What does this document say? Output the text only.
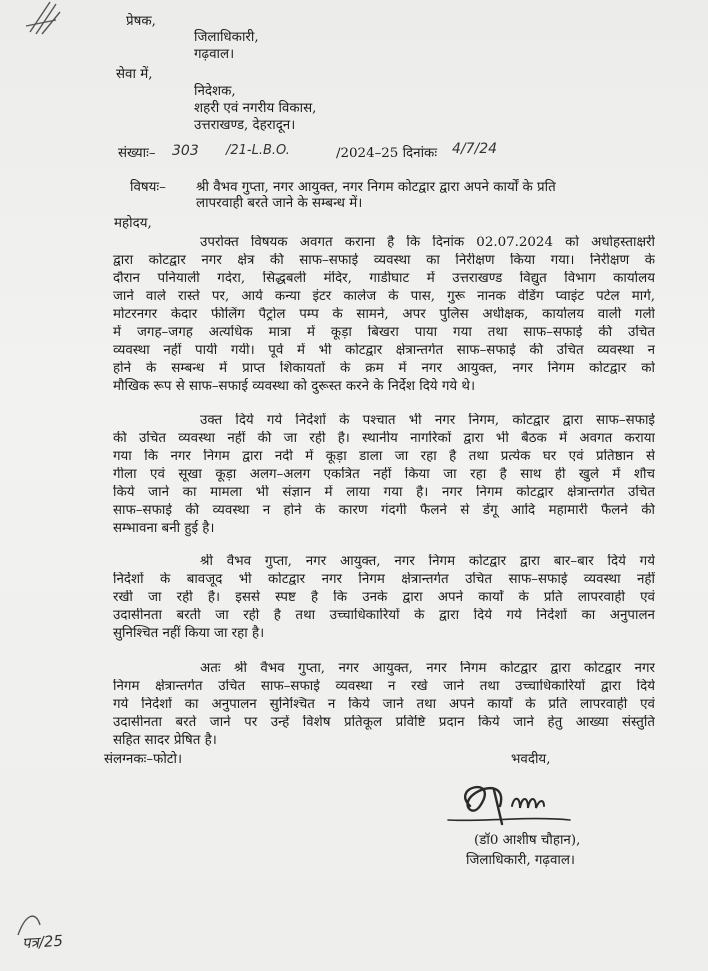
प्रेषक,
जिलाधिकारी,
गढ़वाल।
सेवा में,
निदेशक,
शहरी एवं नगरीय विकास,
उत्तराखण्ड, देहरादून।
संख्याः– 303 /21-L.B.O.	/2024–25 दिनांकः 4/7/24
विषयः– श्री वैभव गुप्ता, नगर आयुक्त, नगर निगम कोटद्वार द्वारा अपने कार्यों के प्रति
लापरवाही बरते जाने के सम्बन्ध में।
महोदय,
उपरोक्त विषयक अवगत कराना है कि दिनांक 02.07.2024 को अधोहस्ताक्षरी
द्वारा कोटद्वार नगर क्षेत्र की साफ–सफाई व्यवस्था का निरीक्षण किया गया। निरीक्षण के
दौरान पनियाली गदेरा, सिद्धबली मंदिर, गाडीघाट में उत्तराखण्ड विद्युत विभाग कार्यालय
जाने वाले रास्ते पर, आर्य कन्या इंटर कालेज के पास, गुरू नानक वेडिंग प्वाइंट पटेल मार्ग,
मोटरनगर केदार फीलिंग पैट्रोल पम्प के सामने, अपर पुलिस अधीक्षक, कार्यालय वाली गली
में जगह–जगह अत्यधिक मात्रा में कूड़ा बिखरा पाया गया तथा साफ–सफाई की उचित
व्यवस्था नहीं पायी गयी। पूर्व में भी कोटद्वार क्षेत्रान्तर्गत साफ–सफाई की उचित व्यवस्था न
होने के सम्बन्ध में प्राप्त शिकायतों के क्रम में नगर आयुक्त, नगर निगम कोटद्वार को
मौखिक रूप से साफ–सफाई व्यवस्था को दुरूस्त करने के निर्देश दिये गये थे।
उक्त दिये गये निर्देशों के पश्चात भी नगर निगम, कोटद्वार द्वारा साफ–सफाई
की उचित व्यवस्था नहीं की जा रही है। स्थानीय नागरिकों द्वारा भी बैठक में अवगत कराया
गया कि नगर निगम द्वारा नदी में कूड़ा डाला जा रहा है तथा प्रत्येक घर एवं प्रतिष्ठान से
गीला एवं सूखा कूड़ा अलग–अलग एकत्रित नहीं किया जा रहा है साथ ही खुले में शौच
किये जाने का मामला भी संज्ञान में लाया गया है। नगर निगम कोटद्वार क्षेत्रान्तर्गत उचित
साफ–सफाई की व्यवस्था न होने के कारण गंदगी फैलने से डेंगू आदि महामारी फैलने की
सम्भावना बनी हुई है।
श्री वैभव गुप्ता, नगर आयुक्त, नगर निगम कोटद्वार द्वारा बार–बार दिये गये
निर्देशों के बावजूद भी कोटद्वार नगर निगम क्षेत्रान्तर्गत उचित साफ–सफाई व्यवस्था नहीं
रखी जा रही है। इससे स्पष्ट है कि उनके द्वारा अपने कार्यों के प्रति लापरवाही एवं
उदासीनता बरती जा रही है तथा उच्चाधिकारियों के द्वारा दिये गये निर्देशों का अनुपालन
सुनिश्चित नहीं किया जा रहा है।
अतः श्री वैभव गुप्ता, नगर आयुक्त, नगर निगम कोटद्वार द्वारा कोटद्वार नगर
निगम क्षेत्रान्तर्गत उचित साफ–सफाई व्यवस्था न रखे जाने तथा उच्चाधिकारियों द्वारा दिये
गये निर्देशों का अनुपालन सुनिश्चित न किये जाने तथा अपने कार्यों के प्रति लापरवाही एवं
उदासीनता बरते जाने पर उन्हें विशेष प्रतिकूल प्रविष्टि प्रदान किये जाने हेतु आख्या संस्तुति
सहित सादर प्रेषित है।
संलग्नकः–फोटो।	भवदीय,
(डॉ0 आशीष चौहान),
जिलाधिकारी, गढ़वाल।
पत्र/25
